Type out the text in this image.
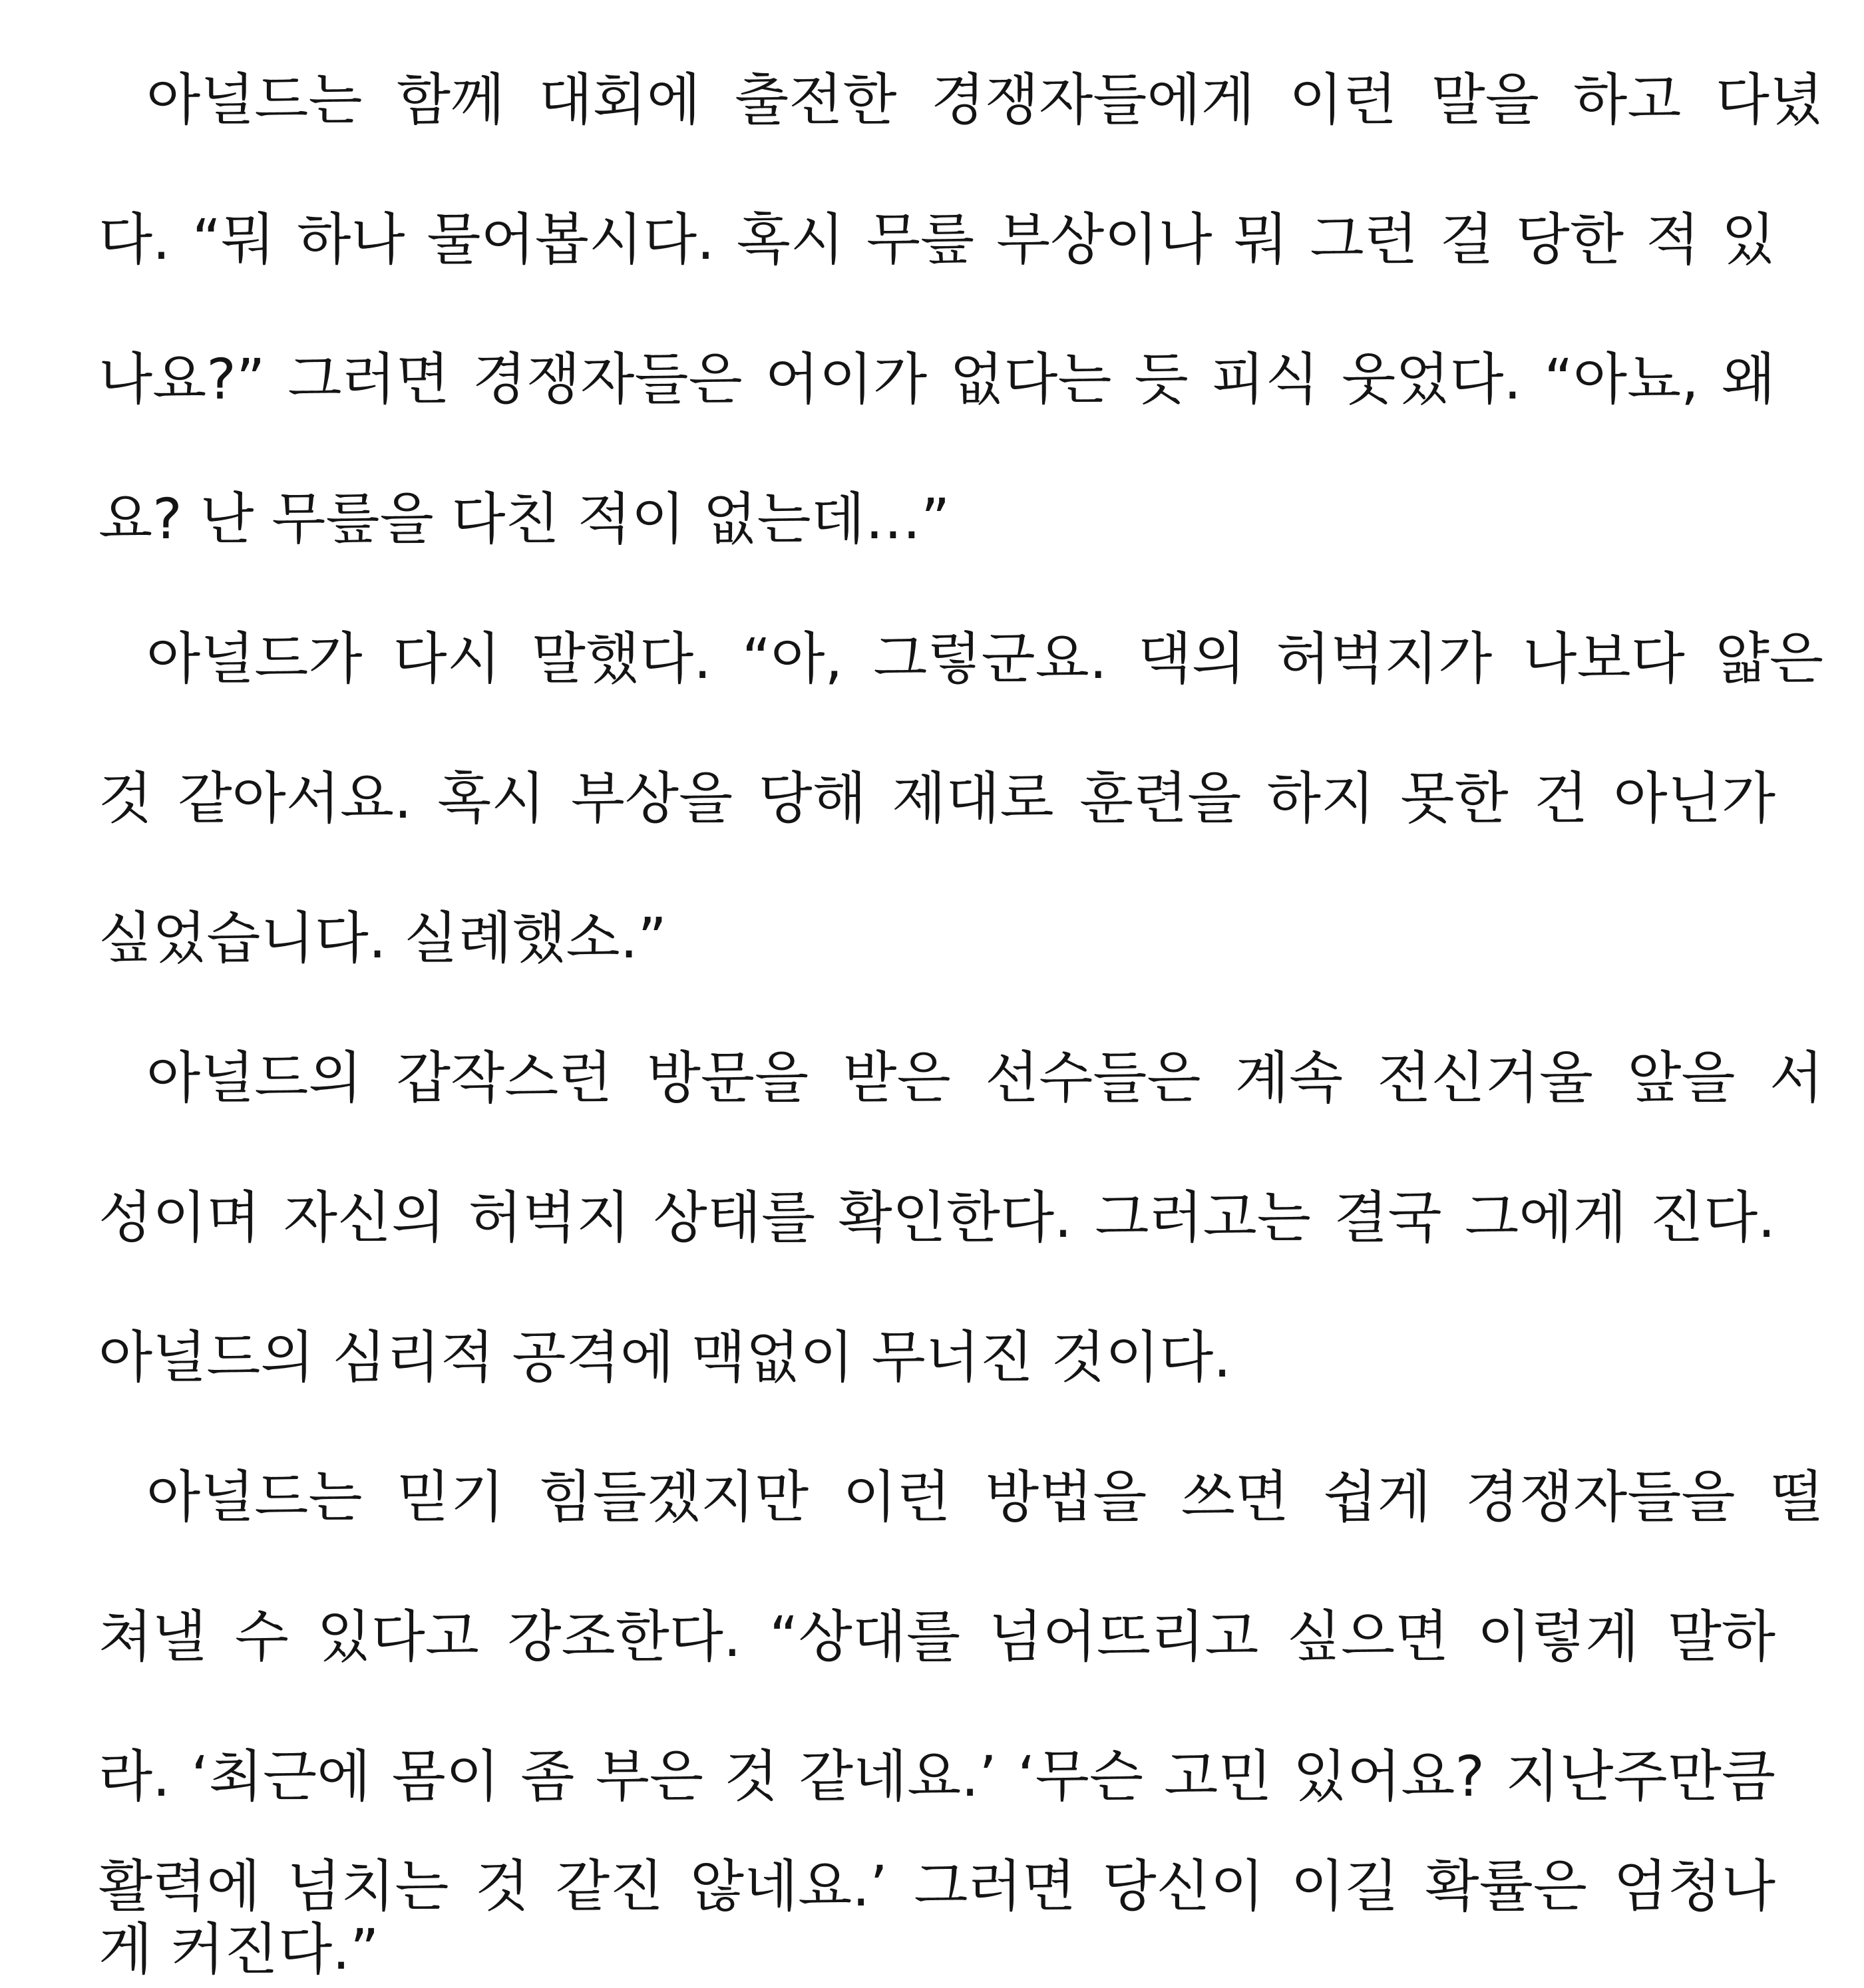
아널드는 함께 대회에 출전한 경쟁자들에게 이런 말을 하고 다녔
다. “뭐 하나 물어봅시다. 혹시 무릎 부상이나 뭐 그런 걸 당한 적 있
나요?” 그러면 경쟁자들은 어이가 없다는 듯 피식 웃었다. “아뇨, 왜
요? 난 무릎을 다친 적이 없는데…”
아널드가 다시 말했다. “아, 그렇군요. 댁의 허벅지가 나보다 얇은
것 같아서요. 혹시 부상을 당해 제대로 훈련을 하지 못한 건 아닌가
싶었습니다. 실례했소.”
아널드의 갑작스런 방문을 받은 선수들은 계속 전신거울 앞을 서
성이며 자신의 허벅지 상태를 확인한다. 그러고는 결국 그에게 진다.
아널드의 심리적 공격에 맥없이 무너진 것이다.
아널드는 믿기 힘들겠지만 이런 방법을 쓰면 쉽게 경쟁자들을 떨
쳐낼 수 있다고 강조한다. “상대를 넘어뜨리고 싶으면 이렇게 말하
라. ‘최근에 몸이 좀 부은 것 같네요.’ ‘무슨 고민 있어요? 지난주만큼
활력에 넘치는 것 같진 않네요.’ 그러면 당신이 이길 확률은 엄청나
게 커진다.”
